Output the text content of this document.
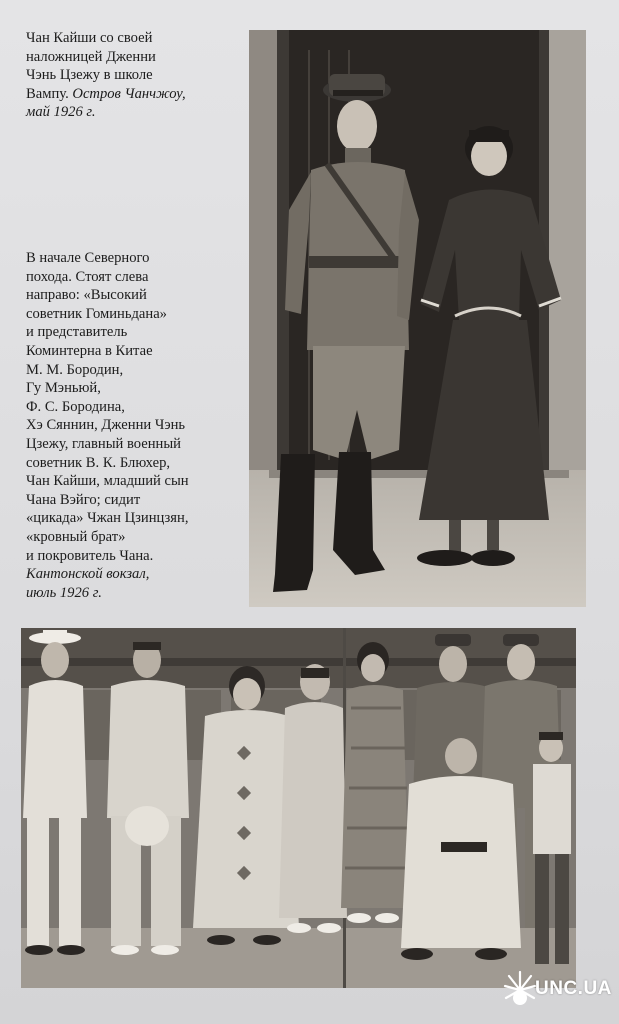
Чан Кайши со своей
наложницей Дженни
Чэнь Цзежу в школе
Вампу. Остров Чанчжоу,
май 1926 г.
В начале Северного
похода. Стоят слева
направо: «Высокий
советник Гоминьдана»
и представитель
Коминтерна в Китае
М. М. Бородин,
Гу Мэньюй,
Ф. С. Бородина,
Хэ Сяннин, Дженни Чэнь
Цзежу, главный военный
советник В. К. Блюхер,
Чан Кайши, младший сын
Чана Вэйго; сидит
«цикада» Чжан Цзинцзян,
«кровный брат»
и покровитель Чана.
Кантонской вокзал,
июль 1926 г.
UNC.UA
